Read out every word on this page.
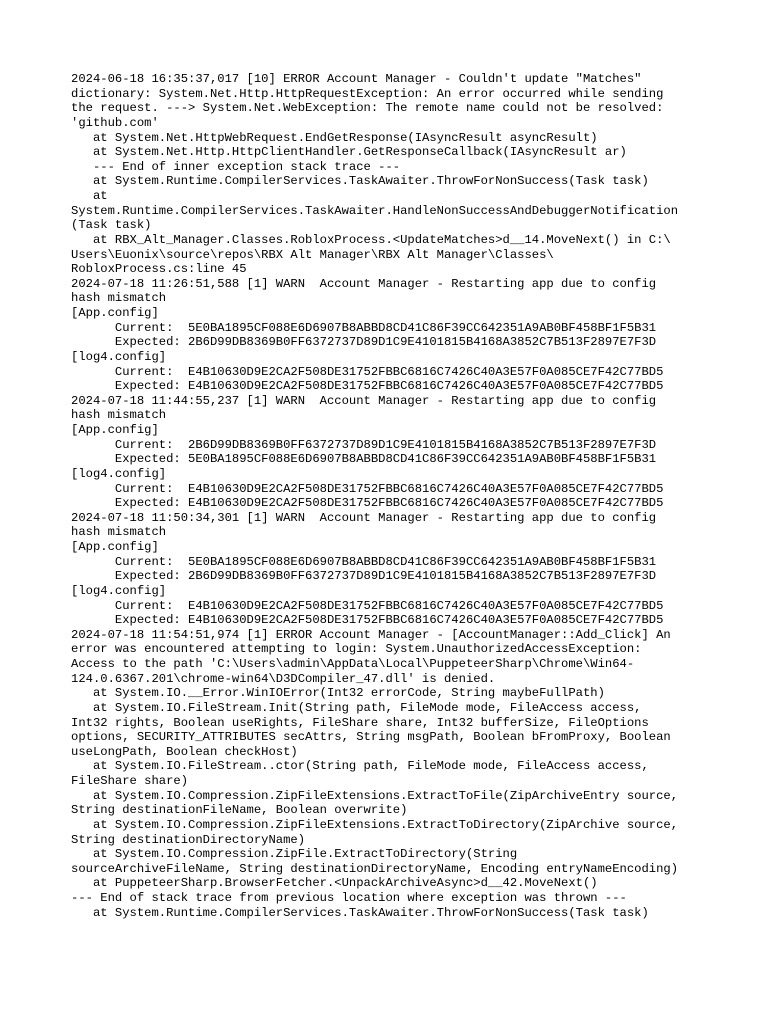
2024-06-18 16:35:37,017 [10] ERROR Account Manager - Couldn't update "Matches"
dictionary: System.Net.Http.HttpRequestException: An error occurred while sending
the request. ---> System.Net.WebException: The remote name could not be resolved:
'github.com'
at System.Net.HttpWebRequest.EndGetResponse(IAsyncResult asyncResult)
at System.Net.Http.HttpClientHandler.GetResponseCallback(IAsyncResult ar)
--- End of inner exception stack trace ---
at System.Runtime.CompilerServices.TaskAwaiter.ThrowForNonSuccess(Task task)
at
System.Runtime.CompilerServices.TaskAwaiter.HandleNonSuccessAndDebuggerNotification
(Task task)
at RBX_Alt_Manager.Classes.RobloxProcess.<UpdateMatches>d__14.MoveNext() in C:\
Users\Euonix\source\repos\RBX Alt Manager\RBX Alt Manager\Classes\
RobloxProcess.cs:line 45
2024-07-18 11:26:51,588 [1] WARN  Account Manager - Restarting app due to config
hash mismatch
[App.config]
Current:  5E0BA1895CF088E6D6907B8ABBD8CD41C86F39CC642351A9AB0BF458BF1F5B31
Expected: 2B6D99DB8369B0FF6372737D89D1C9E4101815B4168A3852C7B513F2897E7F3D
[log4.config]
Current:  E4B10630D9E2CA2F508DE31752FBBC6816C7426C40A3E57F0A085CE7F42C77BD5
Expected: E4B10630D9E2CA2F508DE31752FBBC6816C7426C40A3E57F0A085CE7F42C77BD5
2024-07-18 11:44:55,237 [1] WARN  Account Manager - Restarting app due to config
hash mismatch
[App.config]
Current:  2B6D99DB8369B0FF6372737D89D1C9E4101815B4168A3852C7B513F2897E7F3D
Expected: 5E0BA1895CF088E6D6907B8ABBD8CD41C86F39CC642351A9AB0BF458BF1F5B31
[log4.config]
Current:  E4B10630D9E2CA2F508DE31752FBBC6816C7426C40A3E57F0A085CE7F42C77BD5
Expected: E4B10630D9E2CA2F508DE31752FBBC6816C7426C40A3E57F0A085CE7F42C77BD5
2024-07-18 11:50:34,301 [1] WARN  Account Manager - Restarting app due to config
hash mismatch
[App.config]
Current:  5E0BA1895CF088E6D6907B8ABBD8CD41C86F39CC642351A9AB0BF458BF1F5B31
Expected: 2B6D99DB8369B0FF6372737D89D1C9E4101815B4168A3852C7B513F2897E7F3D
[log4.config]
Current:  E4B10630D9E2CA2F508DE31752FBBC6816C7426C40A3E57F0A085CE7F42C77BD5
Expected: E4B10630D9E2CA2F508DE31752FBBC6816C7426C40A3E57F0A085CE7F42C77BD5
2024-07-18 11:54:51,974 [1] ERROR Account Manager - [AccountManager::Add_Click] An
error was encountered attempting to login: System.UnauthorizedAccessException:
Access to the path 'C:\Users\admin\AppData\Local\PuppeteerSharp\Chrome\Win64-
124.0.6367.201\chrome-win64\D3DCompiler_47.dll' is denied.
at System.IO.__Error.WinIOError(Int32 errorCode, String maybeFullPath)
at System.IO.FileStream.Init(String path, FileMode mode, FileAccess access,
Int32 rights, Boolean useRights, FileShare share, Int32 bufferSize, FileOptions
options, SECURITY_ATTRIBUTES secAttrs, String msgPath, Boolean bFromProxy, Boolean
useLongPath, Boolean checkHost)
at System.IO.FileStream..ctor(String path, FileMode mode, FileAccess access,
FileShare share)
at System.IO.Compression.ZipFileExtensions.ExtractToFile(ZipArchiveEntry source,
String destinationFileName, Boolean overwrite)
at System.IO.Compression.ZipFileExtensions.ExtractToDirectory(ZipArchive source,
String destinationDirectoryName)
at System.IO.Compression.ZipFile.ExtractToDirectory(String
sourceArchiveFileName, String destinationDirectoryName, Encoding entryNameEncoding)
at PuppeteerSharp.BrowserFetcher.<UnpackArchiveAsync>d__42.MoveNext()
--- End of stack trace from previous location where exception was thrown ---
at System.Runtime.CompilerServices.TaskAwaiter.ThrowForNonSuccess(Task task)
